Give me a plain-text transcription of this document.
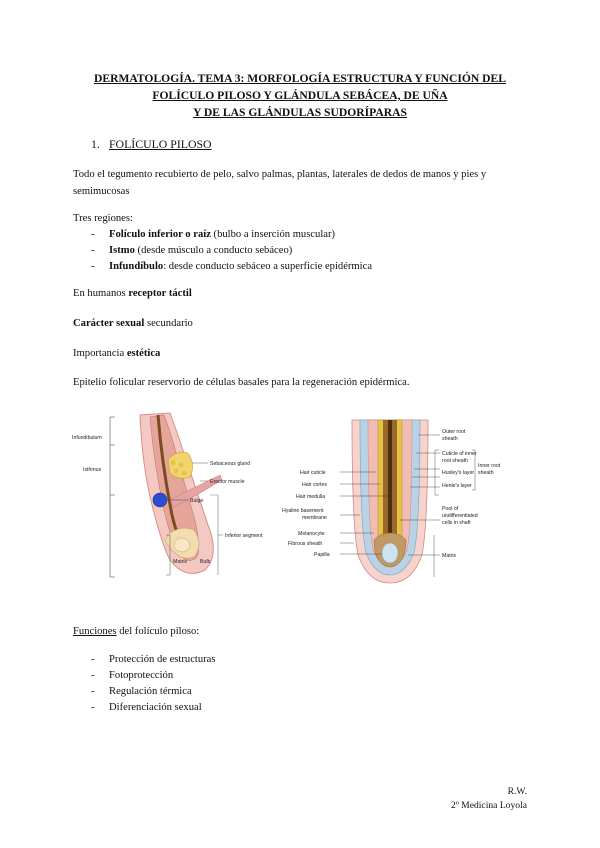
DERMATOLOGÍA. TEMA 3: MORFOLOGÍA ESTRUCTURA Y FUNCIÓN DEL
FOLÍCULO PILOSO Y GLÁNDULA SEBÁCEA, DE UÑA
Y DE LAS GLÁNDULAS SUDORÍPARAS
1. FOLÍCULO PILOSO
Todo el tegumento recubierto de pelo, salvo palmas, plantas, laterales de dedos de manos y pies y semimucosas
Tres regiones:
- Folículo inferior o raíz (bulbo a inserción muscular)
- Istmo (desde músculo a conducto sebáceo)
- Infundíbulo: desde conducto sebáceo a superficie epidérmica
En humanos receptor táctil
Carácter sexual secundario
Importancia estética
Epitelio folicular reservorio de células basales para la regeneración epidérmica.
Infundibulum
Isthmus
Sebaceous gland
Erector muscle
Bulge
Inferior segment
Matrix Bulb
Outer root
sheath
Cuticle of inner
root sheath
Huxley's layer
Henle's layer
Inner root
sheath
Hair cuticle
Hair cortex
Hair medulla
Hyaline basement
membrane
Melanocyte
Fibrous sheath
Papilla
Pool of
undifferentiated
cells in shaft
Matrix
Funciones del folículo piloso:
- Protección de estructuras
- Fotoprotección
- Regulación térmica
- Diferenciación sexual
R.W.
2º Medicina Loyola
